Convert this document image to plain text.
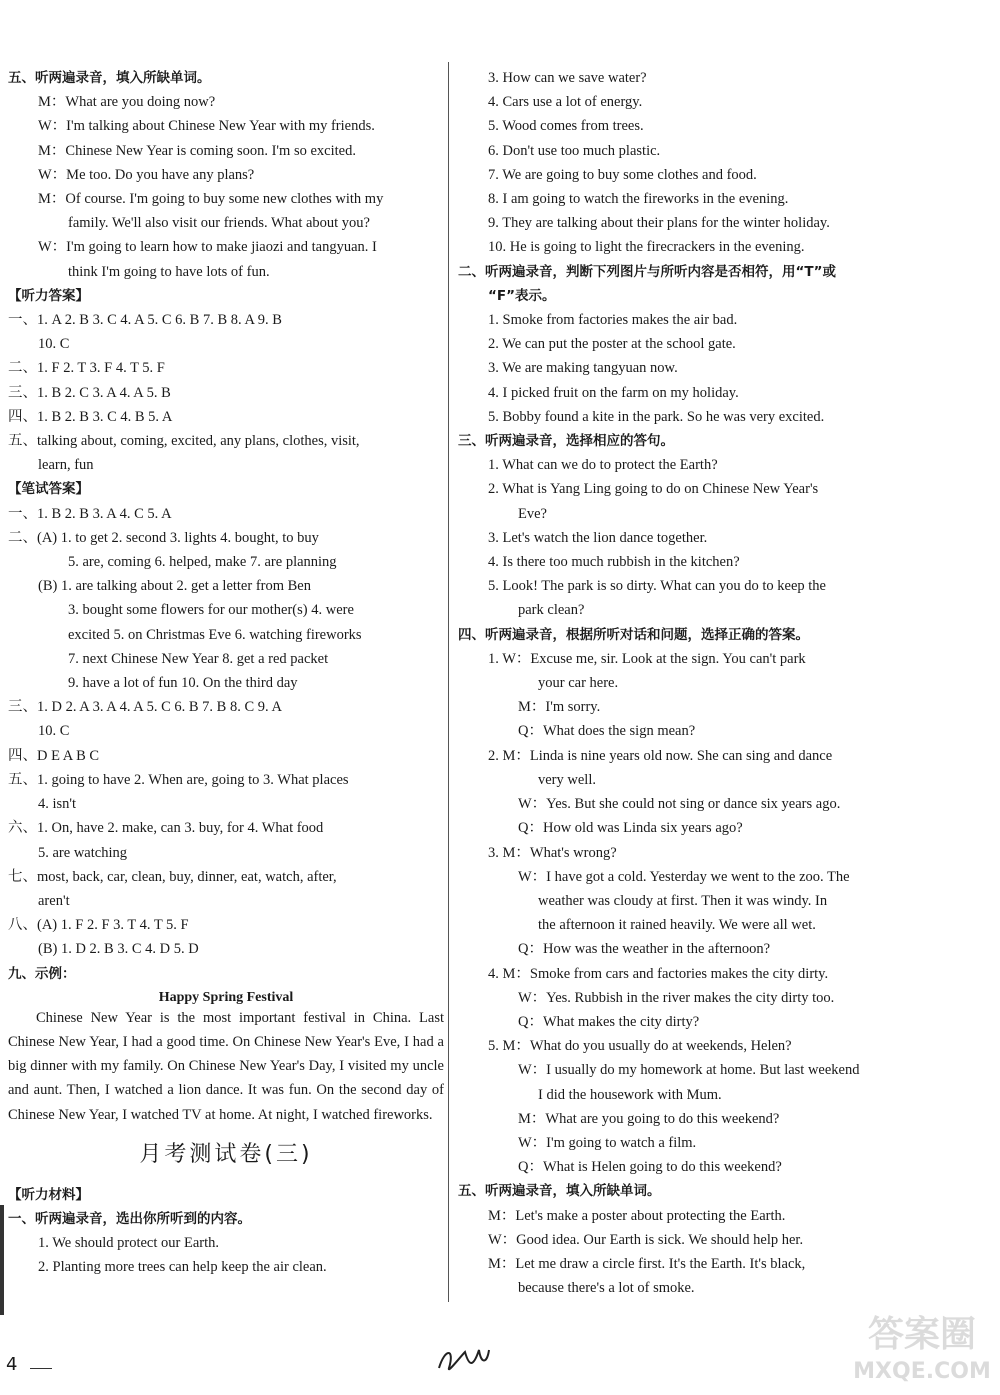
五、听两遍录音，填入所缺单词。
M：What are you doing now?
W：I'm talking about Chinese New Year with my friends.
M：Chinese New Year is coming soon. I'm so excited.
W：Me too. Do you have any plans?
M：Of course. I'm going to buy some new clothes with my
family. We'll also visit our friends. What about you?
W：I'm going to learn how to make jiaozi and tangyuan. I
think I'm going to have lots of fun.
【听力答案】
一、1. A 2. B 3. C 4. A 5. C 6. B 7. B 8. A 9. B
10. C
二、1. F 2. T 3. F 4. T 5. F
三、1. B 2. C 3. A 4. A 5. B
四、1. B 2. B 3. C 4. B 5. A
五、talking about, coming, excited, any plans, clothes, visit,
learn, fun
【笔试答案】
一、1. B 2. B 3. A 4. C 5. A
二、(A) 1. to get 2. second 3. lights 4. bought, to buy
5. are, coming 6. helped, make 7. are planning
(B) 1. are talking about 2. get a letter from Ben
3. bought some flowers for our mother(s) 4. were
excited 5. on Christmas Eve 6. watching fireworks
7. next Chinese New Year 8. get a red packet
9. have a lot of fun 10. On the third day
三、1. D 2. A 3. A 4. A 5. C 6. B 7. B 8. C 9. A
10. C
四、D E A B C
五、1. going to have 2. When are, going to 3. What places
4. isn't
六、1. On, have 2. make, can 3. buy, for 4. What food
5. are watching
七、most, back, car, clean, buy, dinner, eat, watch, after,
aren't
八、(A) 1. F 2. F 3. T 4. T 5. F
(B) 1. D 2. B 3. C 4. D 5. D
九、示例：
Happy Spring Festival
Chinese New Year is the most important festival in China. Last Chinese New Year, I had a good time. On Chinese New Year's Eve, I had a big dinner with my family. On Chinese New Year's Day, I visited my uncle and aunt. Then, I watched a lion dance. It was fun. On the second day of Chinese New Year, I watched TV at home. At night, I watched fireworks.
月考测试卷(三)
【听力材料】
一、听两遍录音，选出你所听到的内容。
1. We should protect our Earth.
2. Planting more trees can help keep the air clean.
3. How can we save water?
4. Cars use a lot of energy.
5. Wood comes from trees.
6. Don't use too much plastic.
7. We are going to buy some clothes and food.
8. I am going to watch the fireworks in the evening.
9. They are talking about their plans for the winter holiday.
10. He is going to light the firecrackers in the evening.
二、听两遍录音，判断下列图片与所听内容是否相符，用“T”或
“F”表示。
1. Smoke from factories makes the air bad.
2. We can put the poster at the school gate.
3. We are making tangyuan now.
4. I picked fruit on the farm on my holiday.
5. Bobby found a kite in the park. So he was very excited.
三、听两遍录音，选择相应的答句。
1. What can we do to protect the Earth?
2. What is Yang Ling going to do on Chinese New Year's
Eve?
3. Let's watch the lion dance together.
4. Is there too much rubbish in the kitchen?
5. Look! The park is so dirty. What can you do to keep the
park clean?
四、听两遍录音，根据所听对话和问题，选择正确的答案。
1. W：Excuse me, sir. Look at the sign. You can't park
your car here.
M：I'm sorry.
Q：What does the sign mean?
2. M：Linda is nine years old now. She can sing and dance
very well.
W：Yes. But she could not sing or dance six years ago.
Q：How old was Linda six years ago?
3. M：What's wrong?
W：I have got a cold. Yesterday we went to the zoo. The
weather was cloudy at first. Then it was windy. In
the afternoon it rained heavily. We were all wet.
Q：How was the weather in the afternoon?
4. M：Smoke from cars and factories makes the city dirty.
W：Yes. Rubbish in the river makes the city dirty too.
Q：What makes the city dirty?
5. M：What do you usually do at weekends, Helen?
W：I usually do my homework at home. But last weekend
I did the housework with Mum.
M：What are you going to do this weekend?
W：I'm going to watch a film.
Q：What is Helen going to do this weekend?
五、听两遍录音，填入所缺单词。
M：Let's make a poster about protecting the Earth.
W：Good idea. Our Earth is sick. We should help her.
M：Let me draw a circle first. It's the Earth. It's black,
because there's a lot of smoke.
4
答案圈
MXQE.COM
